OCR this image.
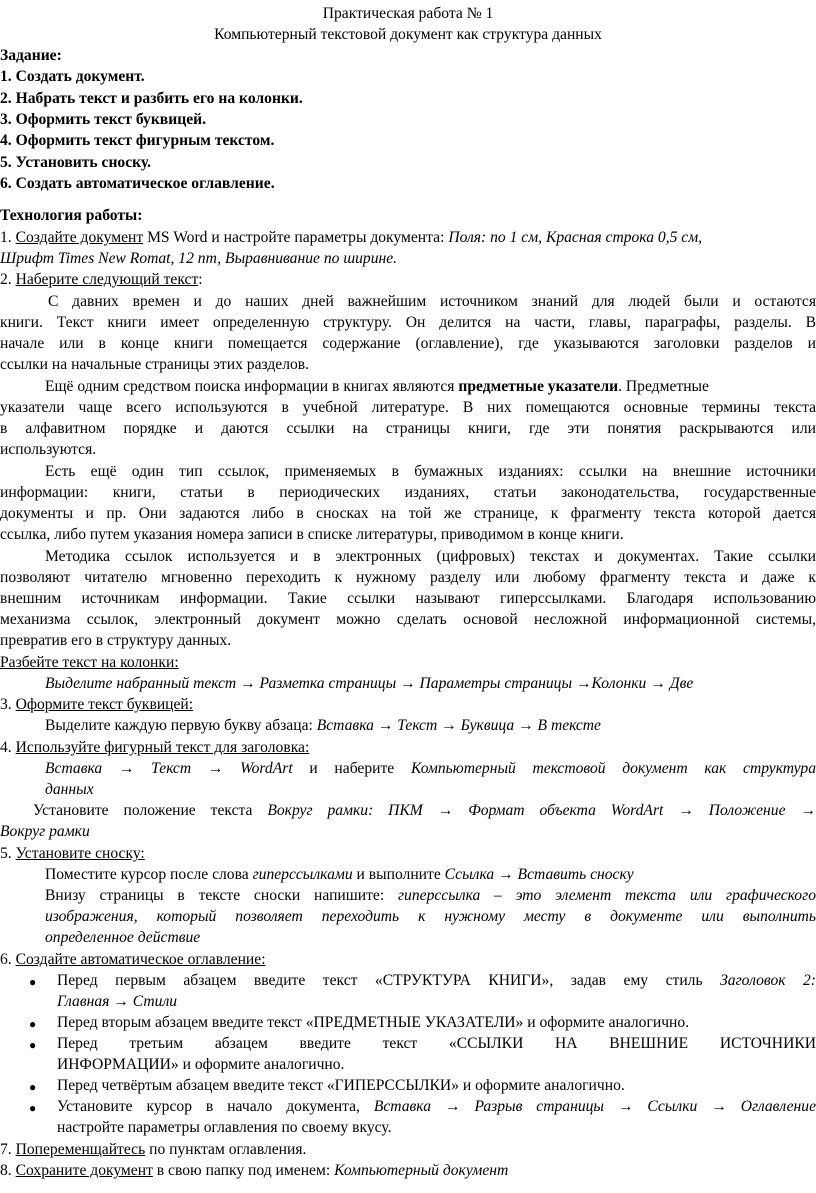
Практическая работа № 1
Компьютерный текстовой документ как структура данных
Задание:
1. Создать документ.
2. Набрать текст и разбить его на колонки.
3. Оформить текст буквицей.
4. Оформить текст фигурным текстом.
5. Установить сноску.
6. Создать автоматическое оглавление.
Технология работы:
1. Создайте документ MS Word и настройте параметры документа: Поля: по 1 см, Красная строка 0,5 см,
Шрифт Times New Romat, 12 пт, Выравнивание по ширине.
2. Наберите следующий текст:
С давних времен и до наших дней важнейшим источником знаний для людей были и остаются
книги. Текст книги имеет определенную структуру. Он делится на части, главы, параграфы, разделы. В
начале или в конце книги помещается содержание (оглавление), где указываются заголовки разделов и
ссылки на начальные страницы этих разделов.
Ещё одним средством поиска информации в книгах являются предметные указатели. Предметные
указатели чаще всего используются в учебной литературе. В них помещаются основные термины текста
в алфавитном порядке и даются ссылки на страницы книги, где эти понятия раскрываются или
используются.
Есть ещё один тип ссылок, применяемых в бумажных изданиях: ссылки на внешние источники
информации: книги, статьи в периодических изданиях, статьи законодательства, государственные
документы и пр. Они задаются либо в сносках на той же странице, к фрагменту текста которой дается
ссылка, либо путем указания номера записи в списке литературы, приводимом в конце книги.
Методика ссылок используется и в электронных (цифровых) текстах и документах. Такие ссылки
позволяют читателю мгновенно переходить к нужному разделу или любому фрагменту текста и даже к
внешним источникам информации. Такие ссылки называют гиперссылками. Благодаря использованию
механизма ссылок, электронный документ можно сделать основой несложной информационной системы,
превратив его в структуру данных.
Разбейте текст на колонки:
Выделите набранный текст → Разметка страницы → Параметры страницы →Колонки → Две
3. Оформите текст буквицей:
Выделите каждую первую букву абзаца: Вставка → Текст → Буквица → В тексте
4. Используйте фигурный текст для заголовка:
Вставка → Текст → WordArt и наберите Компьютерный текстовой документ как структура
данных
Установите положение текста Вокруг рамки: ПКМ → Формат объекта WordArt → Положение →
Вокруг рамки
5. Установите сноску:
Поместите курсор после слова гиперссылками и выполните Ссылка → Вставить сноску
Внизу страницы в тексте сноски напишите: гиперссылка – это элемент текста или графического
изображения, который позволяет переходить к нужному месту в документе или выполнить
определенное действие
6. Создайте автоматическое оглавление:
● Перед первым абзацем введите текст «СТРУКТУРА КНИГИ», задав ему стиль Заголовок 2:
Главная → Стили
● Перед вторым абзацем введите текст «ПРЕДМЕТНЫЕ УКАЗАТЕЛИ» и оформите аналогично.
● Перед третьим абзацем введите текст «ССЫЛКИ НА ВНЕШНИЕ ИСТОЧНИКИ
ИНФОРМАЦИИ» и оформите аналогично.
● Перед четвёртым абзацем введите текст «ГИПЕРССЫЛКИ» и оформите аналогично.
● Установите курсор в начало документа, Вставка → Разрыв страницы → Ссылки → Оглавление
настройте параметры оглавления по своему вкусу.
7. Попеременщайтесь по пунктам оглавления.
8. Сохраните документ в свою папку под именем: Компьютерный документ
